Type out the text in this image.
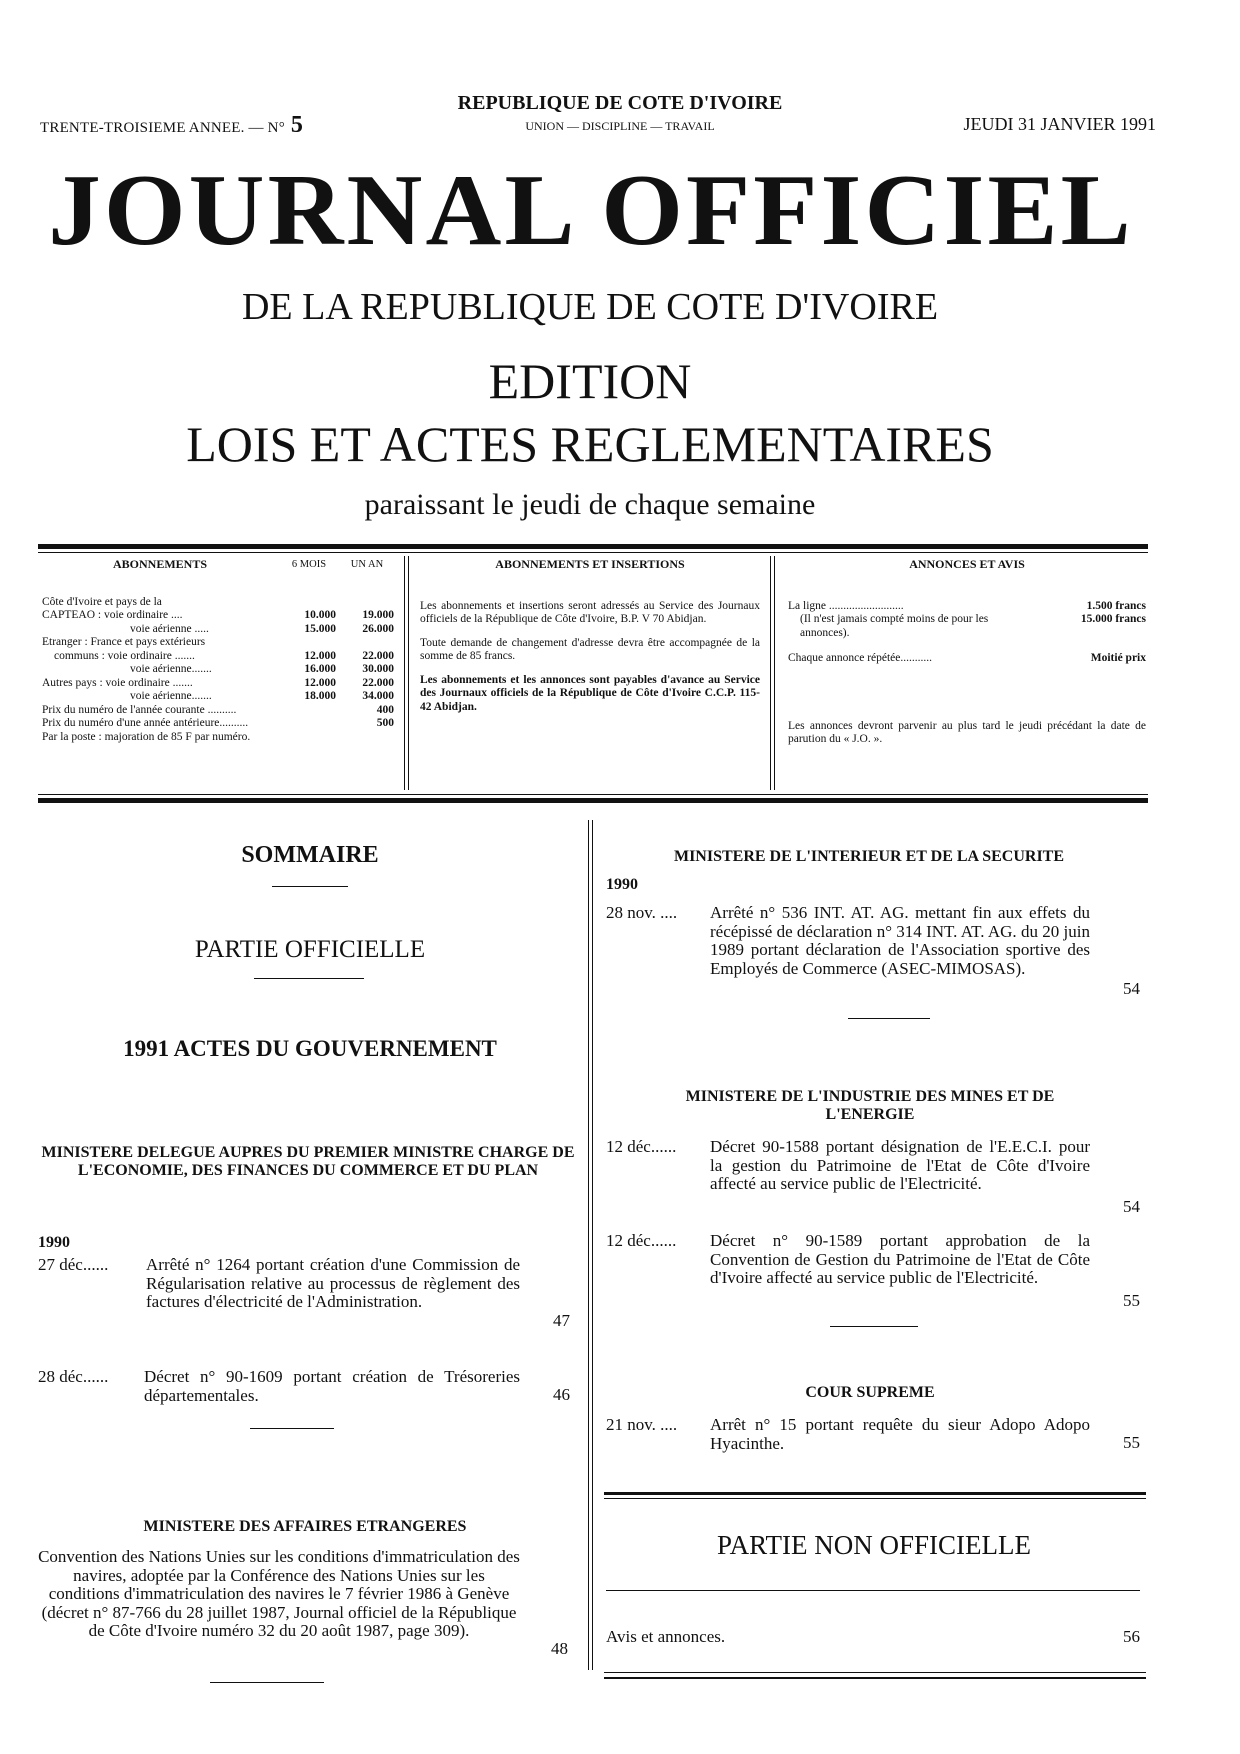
TRENTE-TROISIEME ANNEE. — N° 5
REPUBLIQUE DE COTE D'IVOIRE
UNION — DISCIPLINE — TRAVAIL	JEUDI 31 JANVIER 1991
JOURNAL OFFICIEL
DE LA REPUBLIQUE DE COTE D'IVOIRE
EDITION
LOIS ET ACTES REGLEMENTAIRES
paraissant le jeudi de chaque semaine
ABONNEMENTS	6 MOIS	UN AN

Côte d'Ivoire et pays de la		
CAPTEAO : voie ordinaire ....	10.000	19.000
voie aérienne .....	15.000	26.000
Etranger : France et pays extérieurs		
communs : voie ordinaire .......	12.000	22.000
voie aérienne.......	16.000	30.000
Autres pays : voie ordinaire .......	12.000	22.000
voie aérienne.......	18.000	34.000
Prix du numéro de l'année courante ..........		400
Prix du numéro d'une année antérieure..........		500
Par la poste : majoration de 85 F par numéro.		
ABONNEMENTS ET INSERTIONS

Les abonnements et insertions seront adressés au Service des Journaux officiels de la République de Côte d'Ivoire, B.P. V 70 Abidjan.

Toute demande de changement d'adresse devra être accompagnée de la somme de 85 francs.

Les abonnements et les annonces sont payables d'avance au Service des Journaux officiels de la République de Côte d'Ivoire C.C.P. 115-42 Abidjan.

ANNONCES ET AVIS
La ligne ..........................	1.500 francs
(Il n'est jamais compté moins de pour les annonces).
15.000 francs
Chaque annonce répétée...........	Moitié prix
Les annonces devront parvenir au plus tard le jeudi précédant la date de parution du « J.O. ».
SOMMAIRE
PARTIE OFFICIELLE
1991 ACTES DU GOUVERNEMENT
MINISTERE DELEGUE AUPRES DU PREMIER MINISTRE CHARGE DE L'ECONOMIE, DES FINANCES DU COMMERCE ET DU PLAN
1990
27 déc...... Arrêté n° 1264 portant création d'une Commission de Régularisation relative au processus de règlement des factures d'électricité de l'Administration.
47
28 déc...... Décret n° 90-1609 portant création de Trésoreries départementales.	46
MINISTERE DES AFFAIRES ETRANGERES
Convention des Nations Unies sur les conditions d'immatriculation des navires, adoptée par la Conférence des Nations Unies sur les conditions d'immatriculation des navires le 7 février 1986 à Genève (décret n° 87-766 du 28 juillet 1987, Journal officiel de la République de Côte d'Ivoire numéro 32 du 20 août 1987, page 309).
48
MINISTERE DE L'INTERIEUR ET DE LA SECURITE
1990
28 nov. .... Arrêté n° 536 INT. AT. AG. mettant fin aux effets du récépissé de déclaration n° 314 INT. AT. AG. du 20 juin 1989 portant déclaration de l'Association sportive des Employés de Commerce (ASEC-MIMOSAS).
54
MINISTERE DE L'INDUSTRIE DES MINES ET DE L'ENERGIE
12 déc...... Décret 90-1588 portant désignation de l'E.E.C.I. pour la gestion du Patrimoine de l'Etat de Côte d'Ivoire affecté au service public de l'Electricité.
54
12 déc...... Décret n° 90-1589 portant approbation de la Convention de Gestion du Patrimoine de l'Etat de Côte d'Ivoire affecté au service public de l'Electricité.
55
COUR SUPREME
21 nov. .... Arrêt n° 15 portant requête du sieur Adopo Adopo Hyacinthe.	55
PARTIE NON OFFICIELLE
Avis et annonces.	56
